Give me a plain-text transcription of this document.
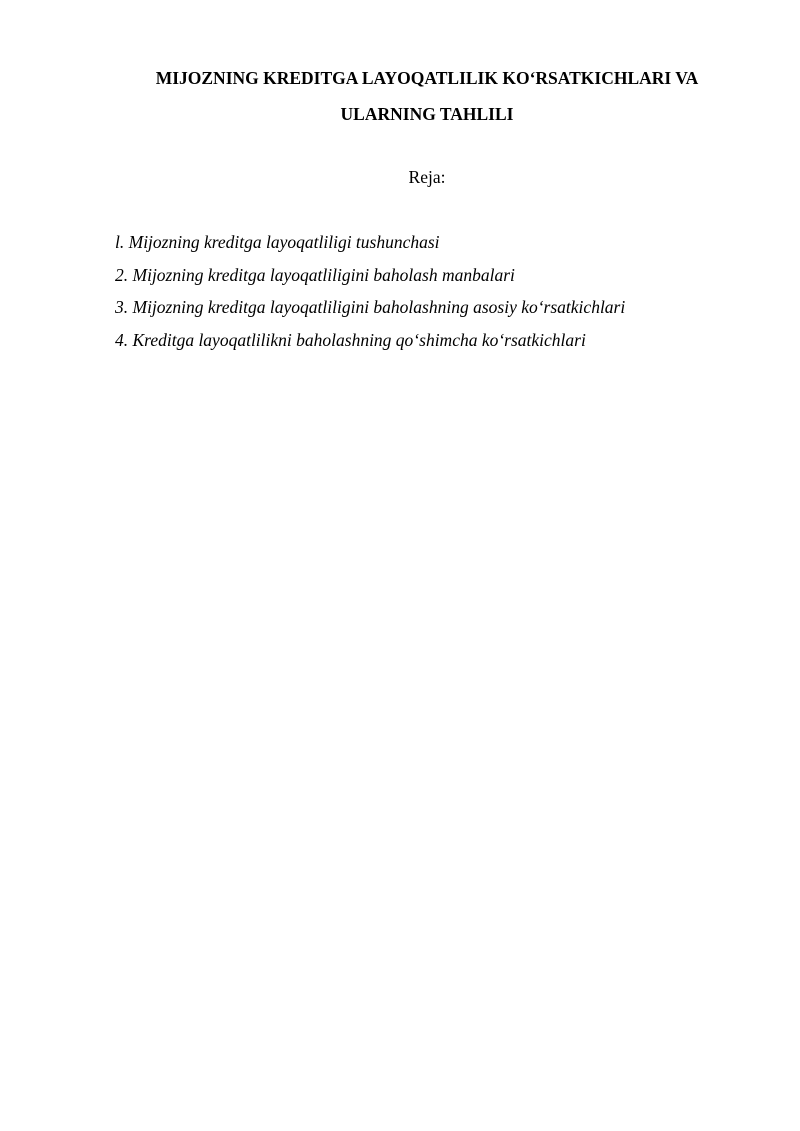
MIJOZNING KREDITGA LAYOQATLILIK KO‘RSATKICHLARI VA
ULARNING TAHLILI

Reja:

l. Mijozning kreditga layoqatliligi tushunchasi
2. Mijozning kreditga layoqatliligini baholash manbalari
3. Mijozning kreditga layoqatliligini baholashning asosiy ko‘rsatkichlari
4. Kreditga layoqatlilikni baholashning qo‘shimcha ko‘rsatkichlari
